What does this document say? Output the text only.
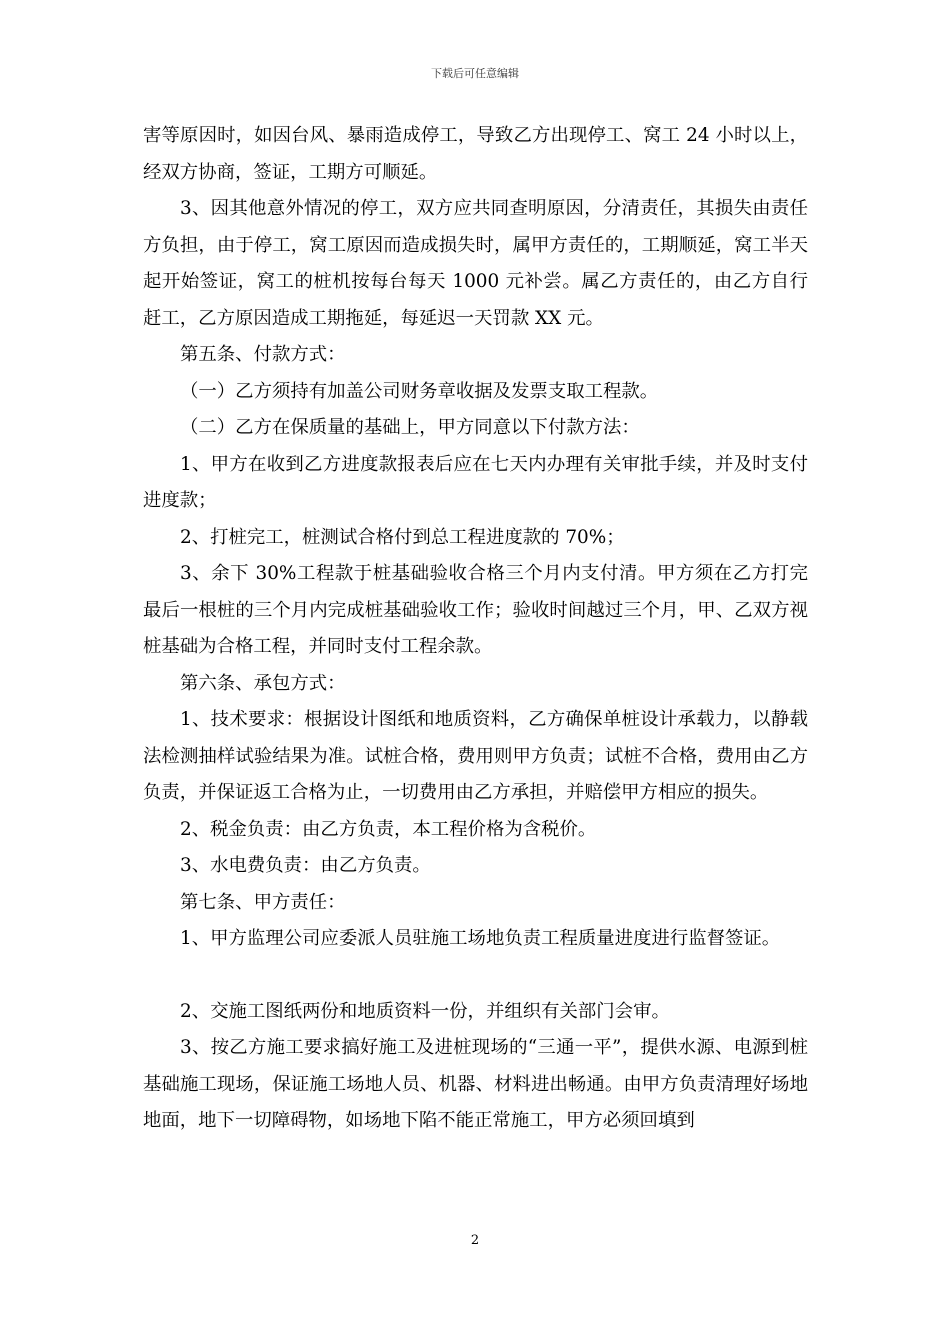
下载后可任意编辑

害等原因时，如因台风、暴雨造成停工，导致乙方出现停工、窝工 24 小时以上，经双方协商，签证，工期方可顺延。

3、因其他意外情况的停工，双方应共同查明原因，分清责任，其损失由责任方负担，由于停工，窝工原因而造成损失时，属甲方责任的，工期顺延，窝工半天起开始签证，窝工的桩机按每台每天 1000 元补尝。属乙方责任的，由乙方自行赶工，乙方原因造成工期拖延，每延迟一天罚款 XX 元。

第五条、付款方式：

（一）乙方须持有加盖公司财务章收据及发票支取工程款。

（二）乙方在保质量的基础上，甲方同意以下付款方法：

1、甲方在收到乙方进度款报表后应在七天内办理有关审批手续，并及时支付进度款；

2、打桩完工，桩测试合格付到总工程进度款的 70%；

3、余下 30%工程款于桩基础验收合格三个月内支付清。甲方须在乙方打完最后一根桩的三个月内完成桩基础验收工作；验收时间越过三个月，甲、乙双方视桩基础为合格工程，并同时支付工程余款。

第六条、承包方式：

1、技术要求：根据设计图纸和地质资料，乙方确保单桩设计承载力，以静载法检测抽样试验结果为准。试桩合格，费用则甲方负责；试桩不合格，费用由乙方负责，并保证返工合格为止，一切费用由乙方承担，并赔偿甲方相应的损失。

2、税金负责：由乙方负责，本工程价格为含税价。

3、水电费负责：由乙方负责。

第七条、甲方责任：

1、甲方监理公司应委派人员驻施工场地负责工程质量进度进行监督签证。

2、交施工图纸两份和地质资料一份，并组织有关部门会审。

3、按乙方施工要求搞好施工及进桩现场的“三通一平”，提供水源、电源到桩基础施工现场，保证施工场地人员、机器、材料进出畅通。由甲方负责清理好场地地面，地下一切障碍物，如场地下陷不能正常施工，甲方必须回填到

2
